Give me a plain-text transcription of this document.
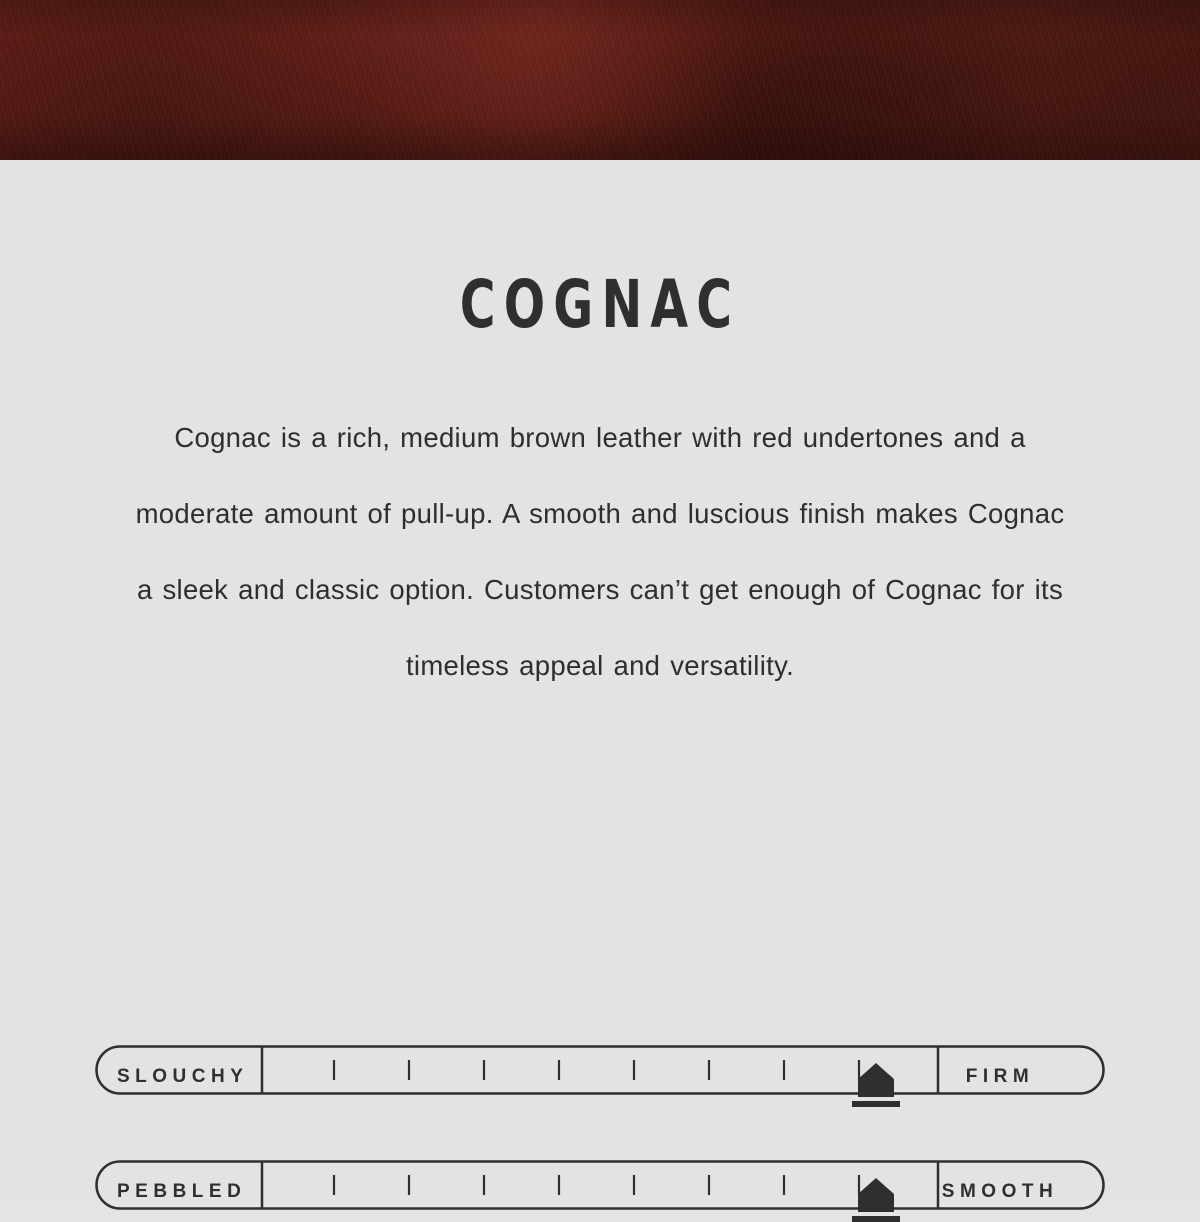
COGNAC

Cognac is a rich, medium brown leather with red undertones and a moderate amount of pull-up. A smooth and luscious finish makes Cognac a sleek and classic option. Customers can’t get enough of Cognac for its timeless appeal and versatility.

SLOUCHY	FIRM
PEBBLED	SMOOTH
